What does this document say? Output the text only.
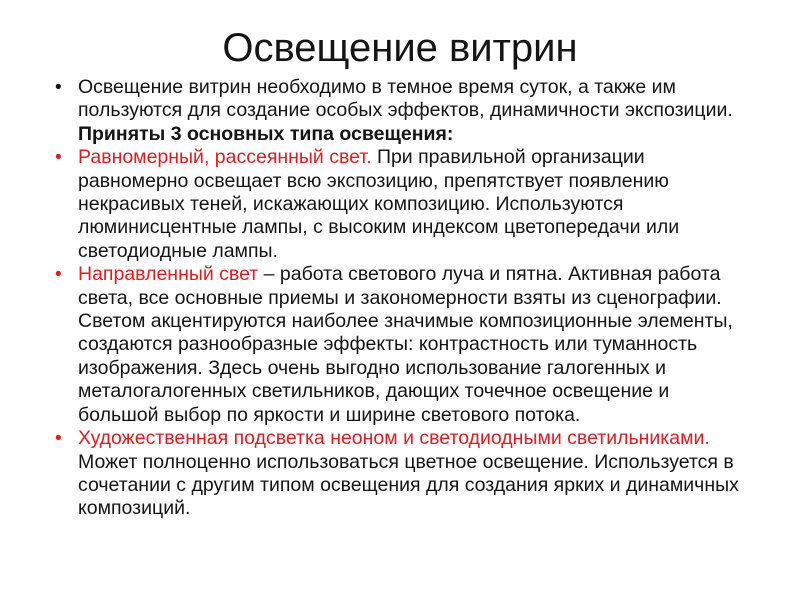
Освещение витрин
• Освещение витрин необходимо в темное время суток, а также им пользуются для создание особых эффектов, динамичности экспозиции. Приняты 3 основных типа освещения:
• Равномерный, рассеянный свет. При правильной организации равномерно освещает всю экспозицию, препятствует появлению некрасивых теней, искажающих композицию. Используются люминисцентные лампы, с высоким индексом цветопередачи или светодиодные лампы.
• Направленный свет – работа светового луча и пятна. Активная работа света, все основные приемы и закономерности взяты из сценографии. Светом акцентируются наиболее значимые композиционные элементы, создаются разнообразные эффекты: контрастность или туманность изображения. Здесь очень выгодно использование галогенных и металогалогенных светильников, дающих точечное освещение и большой выбор по яркости и ширине светового потока.
• Художественная подсветка неоном и светодиодными светильниками. Может полноценно использоваться цветное освещение. Используется в сочетании с другим типом освещения для создания ярких и динамичных композиций.
